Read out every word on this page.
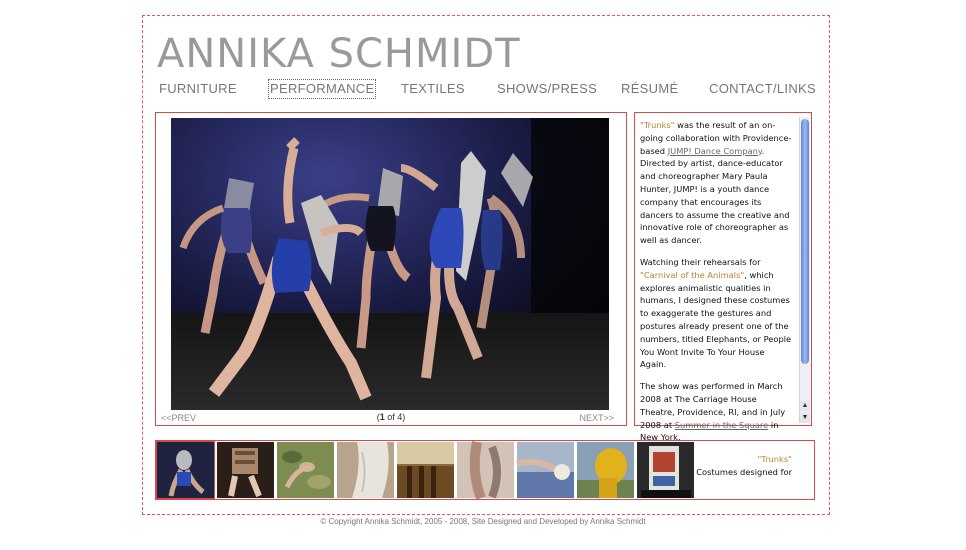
ANNIKA SCHMIDT
FURNITURE	PERFORMANCE TEXTILES SHOWS/PRESS RÉSUMÉ CONTACT/LINKS
<<PREV	(1 of 4)	NEXT>>

"Trunks" was the result of an on-going collaboration with Providence-based JUMP! Dance Company. Directed by artist, dance-educator and choreographer Mary Paula Hunter, JUMP! is a youth dance company that encourages its dancers to assume the creative and innovative role of choreographer as well as dancer.

Watching their rehearsals for "Carnival of the Animals", which explores animalistic qualities in humans, I designed these costumes to exaggerate the gestures and postures already present one of the numbers, titled Elephants, or People You Wont Invite To Your House Again.

The show was performed in March 2008 at The Carriage House Theatre, Providence, RI, and in July 2008 at Summer in the Square in New York.

"Trunks"
Costumes designed for

▲
▼
© Copyright Annika Schmidt, 2005 - 2008, Site Designed and Developed by Annika Schmidt
